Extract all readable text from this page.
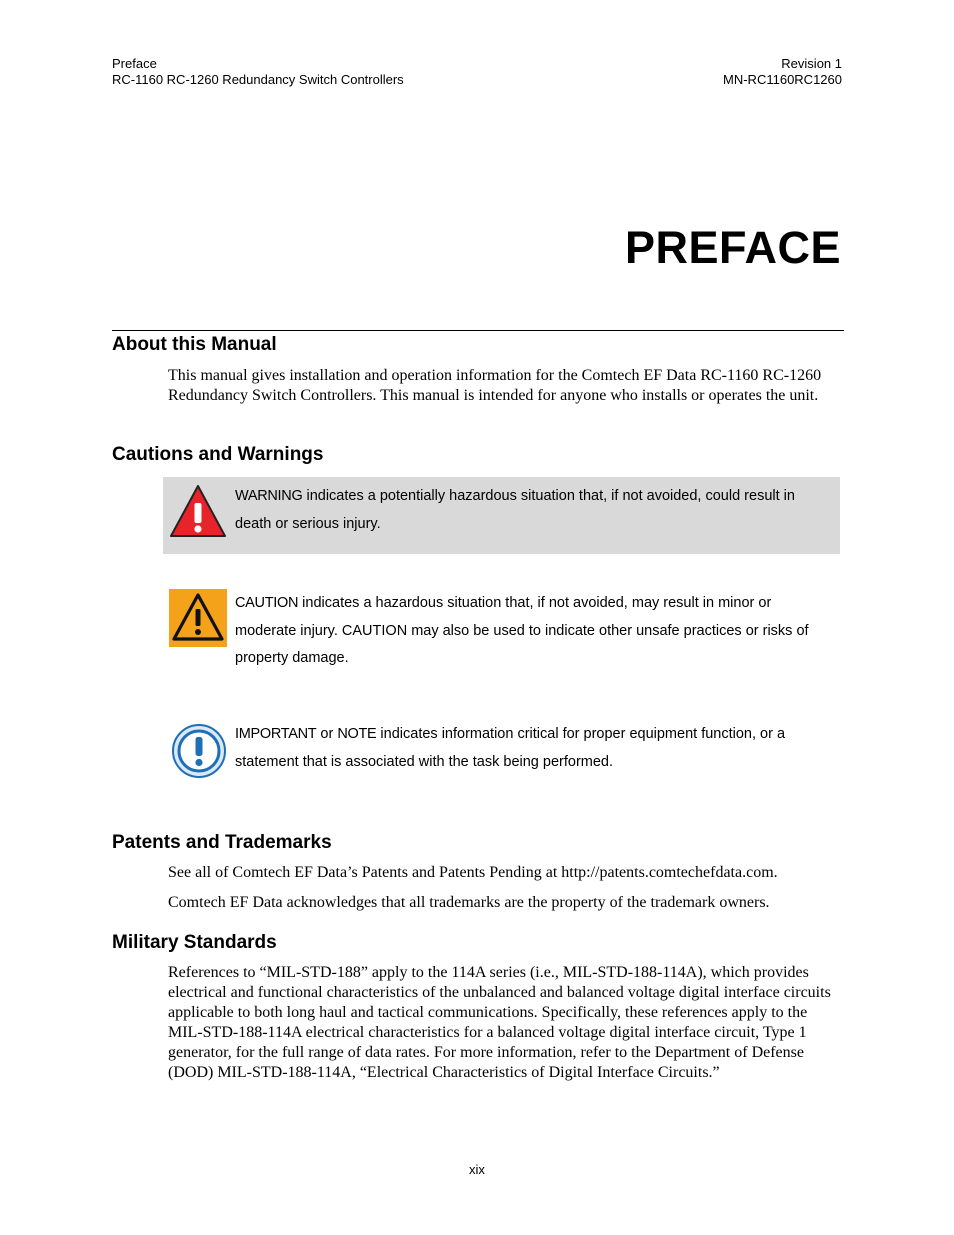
Preface
RC-1160 RC-1260 Redundancy Switch Controllers
Revision 1
MN-RC1160RC1260
PREFACE
About this Manual

This manual gives installation and operation information for the Comtech EF Data RC-1160 RC-1260 Redundancy Switch Controllers. This manual is intended for anyone who installs or operates the unit.

Cautions and Warnings
WARNING indicates a potentially hazardous situation that, if not avoided, could result in death or serious injury.
CAUTION indicates a hazardous situation that, if not avoided, may result in minor or moderate injury. CAUTION may also be used to indicate other unsafe practices or risks of property damage.
IMPORTANT or NOTE indicates information critical for proper equipment function, or a statement that is associated with the task being performed.
Patents and Trademarks

See all of Comtech EF Data’s Patents and Patents Pending at http://patents.comtechefdata.com.

Comtech EF Data acknowledges that all trademarks are the property of the trademark owners.

Military Standards

References to “MIL-STD-188” apply to the 114A series (i.e., MIL-STD-188-114A), which provides electrical and functional characteristics of the unbalanced and balanced voltage digital interface circuits applicable to both long haul and tactical communications. Specifically, these references apply to the MIL-STD-188-114A electrical characteristics for a balanced voltage digital interface circuit, Type 1 generator, for the full range of data rates. For more information, refer to the Department of Defense (DOD) MIL-STD-188-114A, “Electrical Characteristics of Digital Interface Circuits.”

xix
